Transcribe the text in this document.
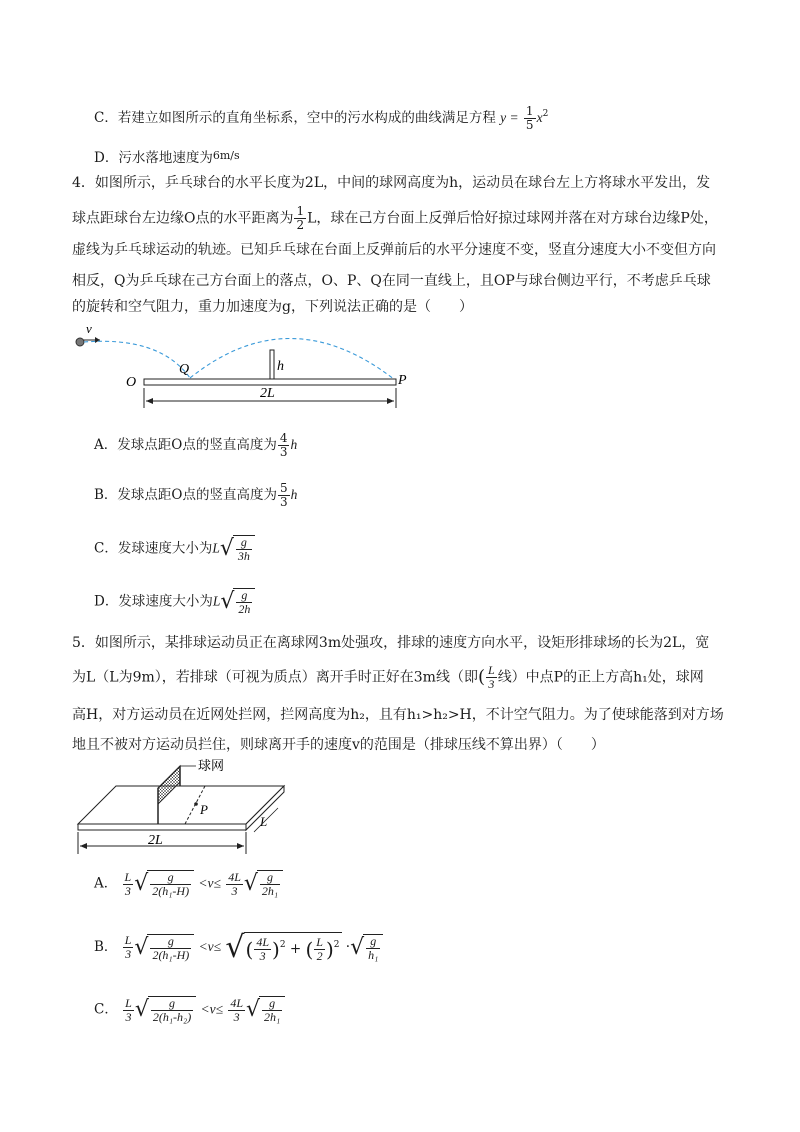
C．若建立如图所示的直角坐标系，空中的污水构成的曲线满足方程 $y = \frac{1}{5} x^2$
D．污水落地速度为$^{6m/s}$
4．如图所示，乒乓球台的水平长度为2L，中间的球网高度为h，运动员在球台左上方将球水平发出，发
球点距球台左边缘O点的水平距离为 $\frac{1}{2}$ L，球在己方台面上反弹后恰好掠过球网并落在对方球台边缘P处，
虚线为乒乓球运动的轨迹。已知乒乓球在台面上反弹前后的水平分速度不变，竖直分速度大小不变但方向
相反，Q为乒乓球在己方台面上的落点，O、P、Q在同一直线上，且OP与球台侧边平行，不考虑乒乓球
的旋转和空气阻力，重力加速度为g，下列说法正确的是（　　）
v
Q	h
O	P
2L
A．发球点距O点的竖直高度为 $\frac{4}{3}$ h
B．发球点距O点的竖直高度为 $\frac{5}{3}$ h
C．发球速度大小为$L√ \frac{g}{3h}$
D．发球速度大小为$L√ \frac{g}{2h}$
5．如图所示，某排球运动员正在离球网3m处强攻，排球的速度方向水平，设矩形排球场的长为2L，宽
为L（L为9m），若排球（可视为质点）离开手时正好在3m线（即( $\frac{L}{3}$ 线）中点P的正上方高h₁处，球网
高H，对方运动员在近网处拦网，拦网高度为h₂，且有h₁>h₂>H，不计空气阻力。为了使球能落到对方场
地且不被对方运动员拦住，则球离开手的速度v的范围是（排球压线不算出界）（　　）
P
球网
L
2L
A． $\frac{L}{3}$ √ $\frac{g}{\text{2(h₁-H)}} <v\le \frac{4L}{3}$ √ $\frac{g}{\text{2h₁}}$
B． $\frac{L}{3}$ √ $\frac{g}{\text{2(h₁-H)}} <v\le$ √( $\frac{4L}{3} )^2$ + ( $\frac{L}{2} )^2$ ·√ $\frac{g}{\text{h₁}}$
C． $\frac{L}{3}$ √ $\frac{g}{\text{2(h₁-h₂)}} <v\le \frac{4L}{3}$ √ $\frac{g}{\text{2h₁}}$
